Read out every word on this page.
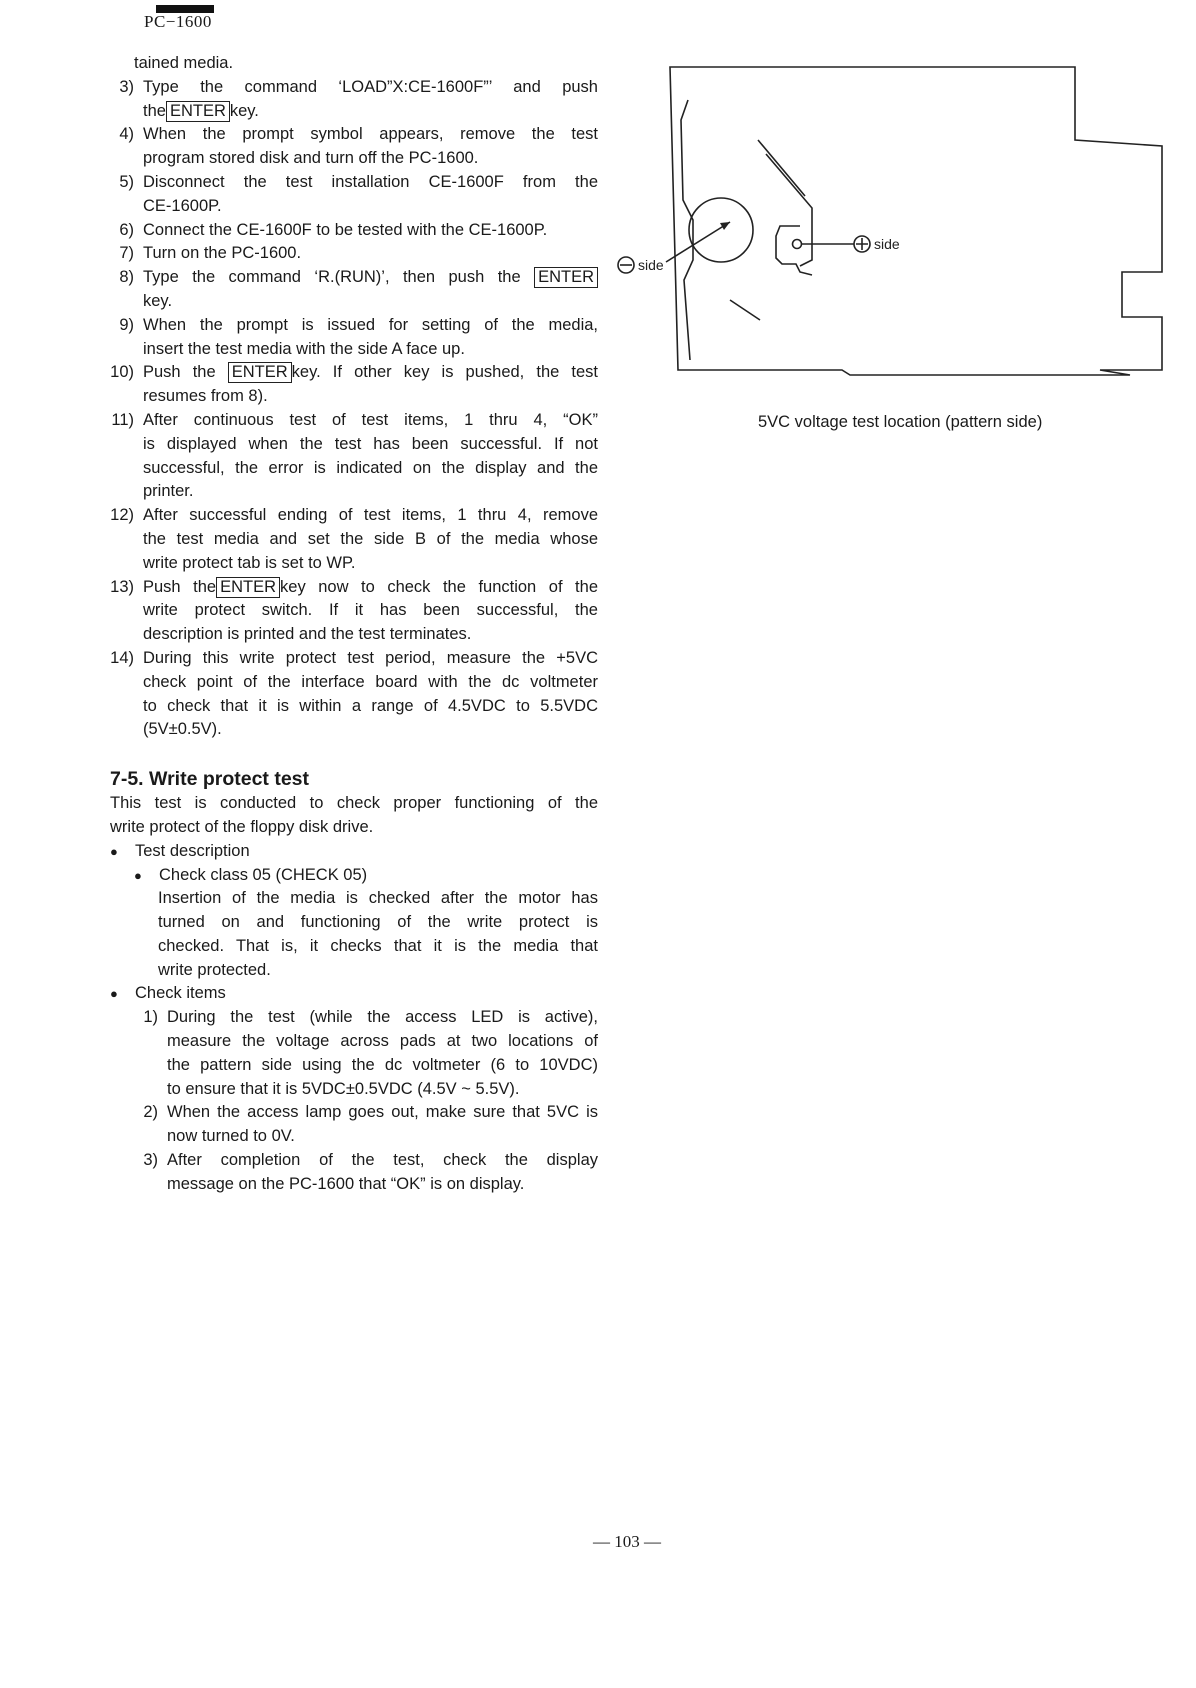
PC−1600
tained media.
3) Type the command ‘LOAD”X:CE-1600F”’ and push
the ENTER key.
4) When the prompt symbol appears, remove the test
program stored disk and turn off the PC-1600.
5) Disconnect the test installation CE-1600F from the
CE-1600P.
6) Connect the CE-1600F to be tested with the CE-1600P.
7) Turn on the PC-1600.
8) Type the command ‘R.(RUN)’, then push the ENTER
key.
9) When the prompt is issued for setting of the media,
insert the test media with the side A face up.
10) Push the ENTER key. If other key is pushed, the test
resumes from 8).
11) After continuous test of test items, 1 thru 4, “OK”
is displayed when the test has been successful. If not
successful, the error is indicated on the display and the
printer.
12) After successful ending of test items, 1 thru 4, remove
the test media and set the side B of the media whose
write protect tab is set to WP.
13) Push the ENTER key now to check the function of the
write protect switch. If it has been successful, the
description is printed and the test terminates.
14) During this write protect test period, measure the +5VC
check point of the interface board with the dc voltmeter
to check that it is within a range of 4.5VDC to 5.5VDC
(5V±0.5V).
7-5. Write protect test
This test is conducted to check proper functioning of the
write protect of the floppy disk drive.
●	Test description
●	Check class 05 (CHECK 05)
Insertion of the media is checked after the motor has
turned on and functioning of the write protect is
checked. That is, it checks that it is the media that
write protected.
●	Check items
1) During the test (while the access LED is active),
measure the voltage across pads at two locations of
the pattern side using the dc voltmeter (6 to 10VDC)
to ensure that it is 5VDC±0.5VDC (4.5V ~ 5.5V).
2) When the access lamp goes out, make sure that 5VC is
now turned to 0V.
3) After completion of the test, check the display
message on the PC-1600 that “OK” is on display.
side
side
5VC voltage test location (pattern side)
— 103 —
